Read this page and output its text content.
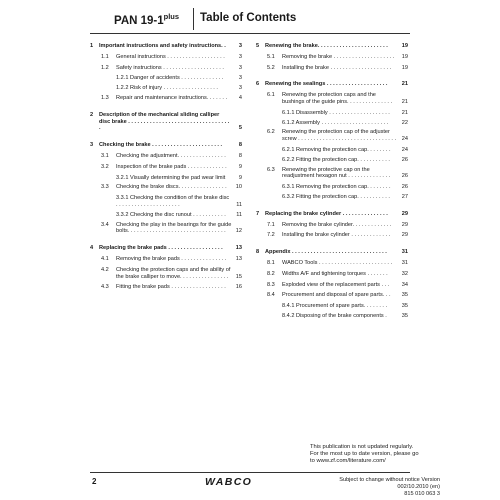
PAN $19-1^{plus}$ Table of Contents
1	Important instructions and safety instructions. .	3
1.1	General instructions . . . . . . . . . . . . . . . . . . .	3
1.2	Safety instructions . . . . . . . . . . . . . . . . . . . .	3
1.2.1 Danger of accidents . . . . . . . . . . . . . .	3
1.2.2 Risk of injury . . . . . . . . . . . . . . . . . .	3
1.3	Repair and maintenance instructions. . . . . . .	4
2	Description of the mechanical sliding calliper disc brake . . . . . . . . . . . . . . . . . . . . . . . . . . . . . . . . . .	5
3	Checking the brake . . . . . . . . . . . . . . . . . . . . . . .	8
3.1	Checking the adjustment. . . . . . . . . . . . . . . .	8
3.2	Inspection of the brake pads . . . . . . . . . . . . .	9
3.2.1 Visually determining the pad wear limit	9
3.3	Checking the brake discs. . . . . . . . . . . . . . . .	10
3.3.1 Checking the condition of the brake disc . . . . . . . . . . . . . . . . . . . . .	11
3.3.2 Checking the disc runout . . . . . . . . . . .	11
3.4	Checking the play in the bearings for the guide bolts. . . . . . . . . . . . . . . . . . . . . . . . . . . . . . . .	12
4	Replacing the brake pads . . . . . . . . . . . . . . . . . .	13
4.1	Removing the brake pads . . . . . . . . . . . . . . .	13
4.2	Checking the protection caps and the ability of the brake calliper to move. . . . . . . . . . . . . . . .	15
4.3	Fitting the brake pads . . . . . . . . . . . . . . . . . .	16
5	Renewing the brake. . . . . . . . . . . . . . . . . . . . . . .	19
5.1	Removing the brake . . . . . . . . . . . . . . . . . . . .	19
5.2	Installing the brake . . . . . . . . . . . . . . . . . . . .	19
6	Renewing the sealings . . . . . . . . . . . . . . . . . . . .	21
6.1	Renewing the protection caps and the bushings of the guide pins. . . . . . . . . . . . . . .	21
6.1.1 Disassembly . . . . . . . . . . . . . . . . . . . .	21
6.1.2 Assembly . . . . . . . . . . . . . . . . . . . . . .	22
6.2	Renewing the protection cap of the adjuster screw . . . . . . . . . . . . . . . . . . . . . . . . . . . . . . . .	24
6.2.1 Removing the protection cap. . . . . . . .	24
6.2.2 Fitting the protection cap. . . . . . . . . . .	26
6.3	Renewing the protective cap on the readjustment hexagon nut . . . . . . . . . . . . . .	26
6.3.1 Removing the protection cap. . . . . . . .	26
6.3.2 Fitting the protection cap. . . . . . . . . . .	27
7	Replacing the brake cylinder . . . . . . . . . . . . . . .	29
7.1	Removing the brake cylinder. . . . . . . . . . . . .	29
7.2	Installing the brake cylinder . . . . . . . . . . . . .	29
8	Appendix . . . . . . . . . . . . . . . . . . . . . . . . . . . . . . .	31
8.1	WABCO Tools . . . . . . . . . . . . . . . . . . . . . . . .	31
8.2	Widths A/F and tightening torques . . . . . . .	32
8.3	Exploded view of the replacement parts . . .	34
8.4	Procurement and disposal of spare parts. . .	35
8.4.1 Procurement of spare parts. . . . . . . .	35
8.4.2 Disposing of the brake components .	35
This publication is not updated regularly.
For the most up to date version, please go
to www.zf.com/literature.com/
2	WABCO	Subject to change without notice Version
002/10.2010 (en)
815 010 063 3
